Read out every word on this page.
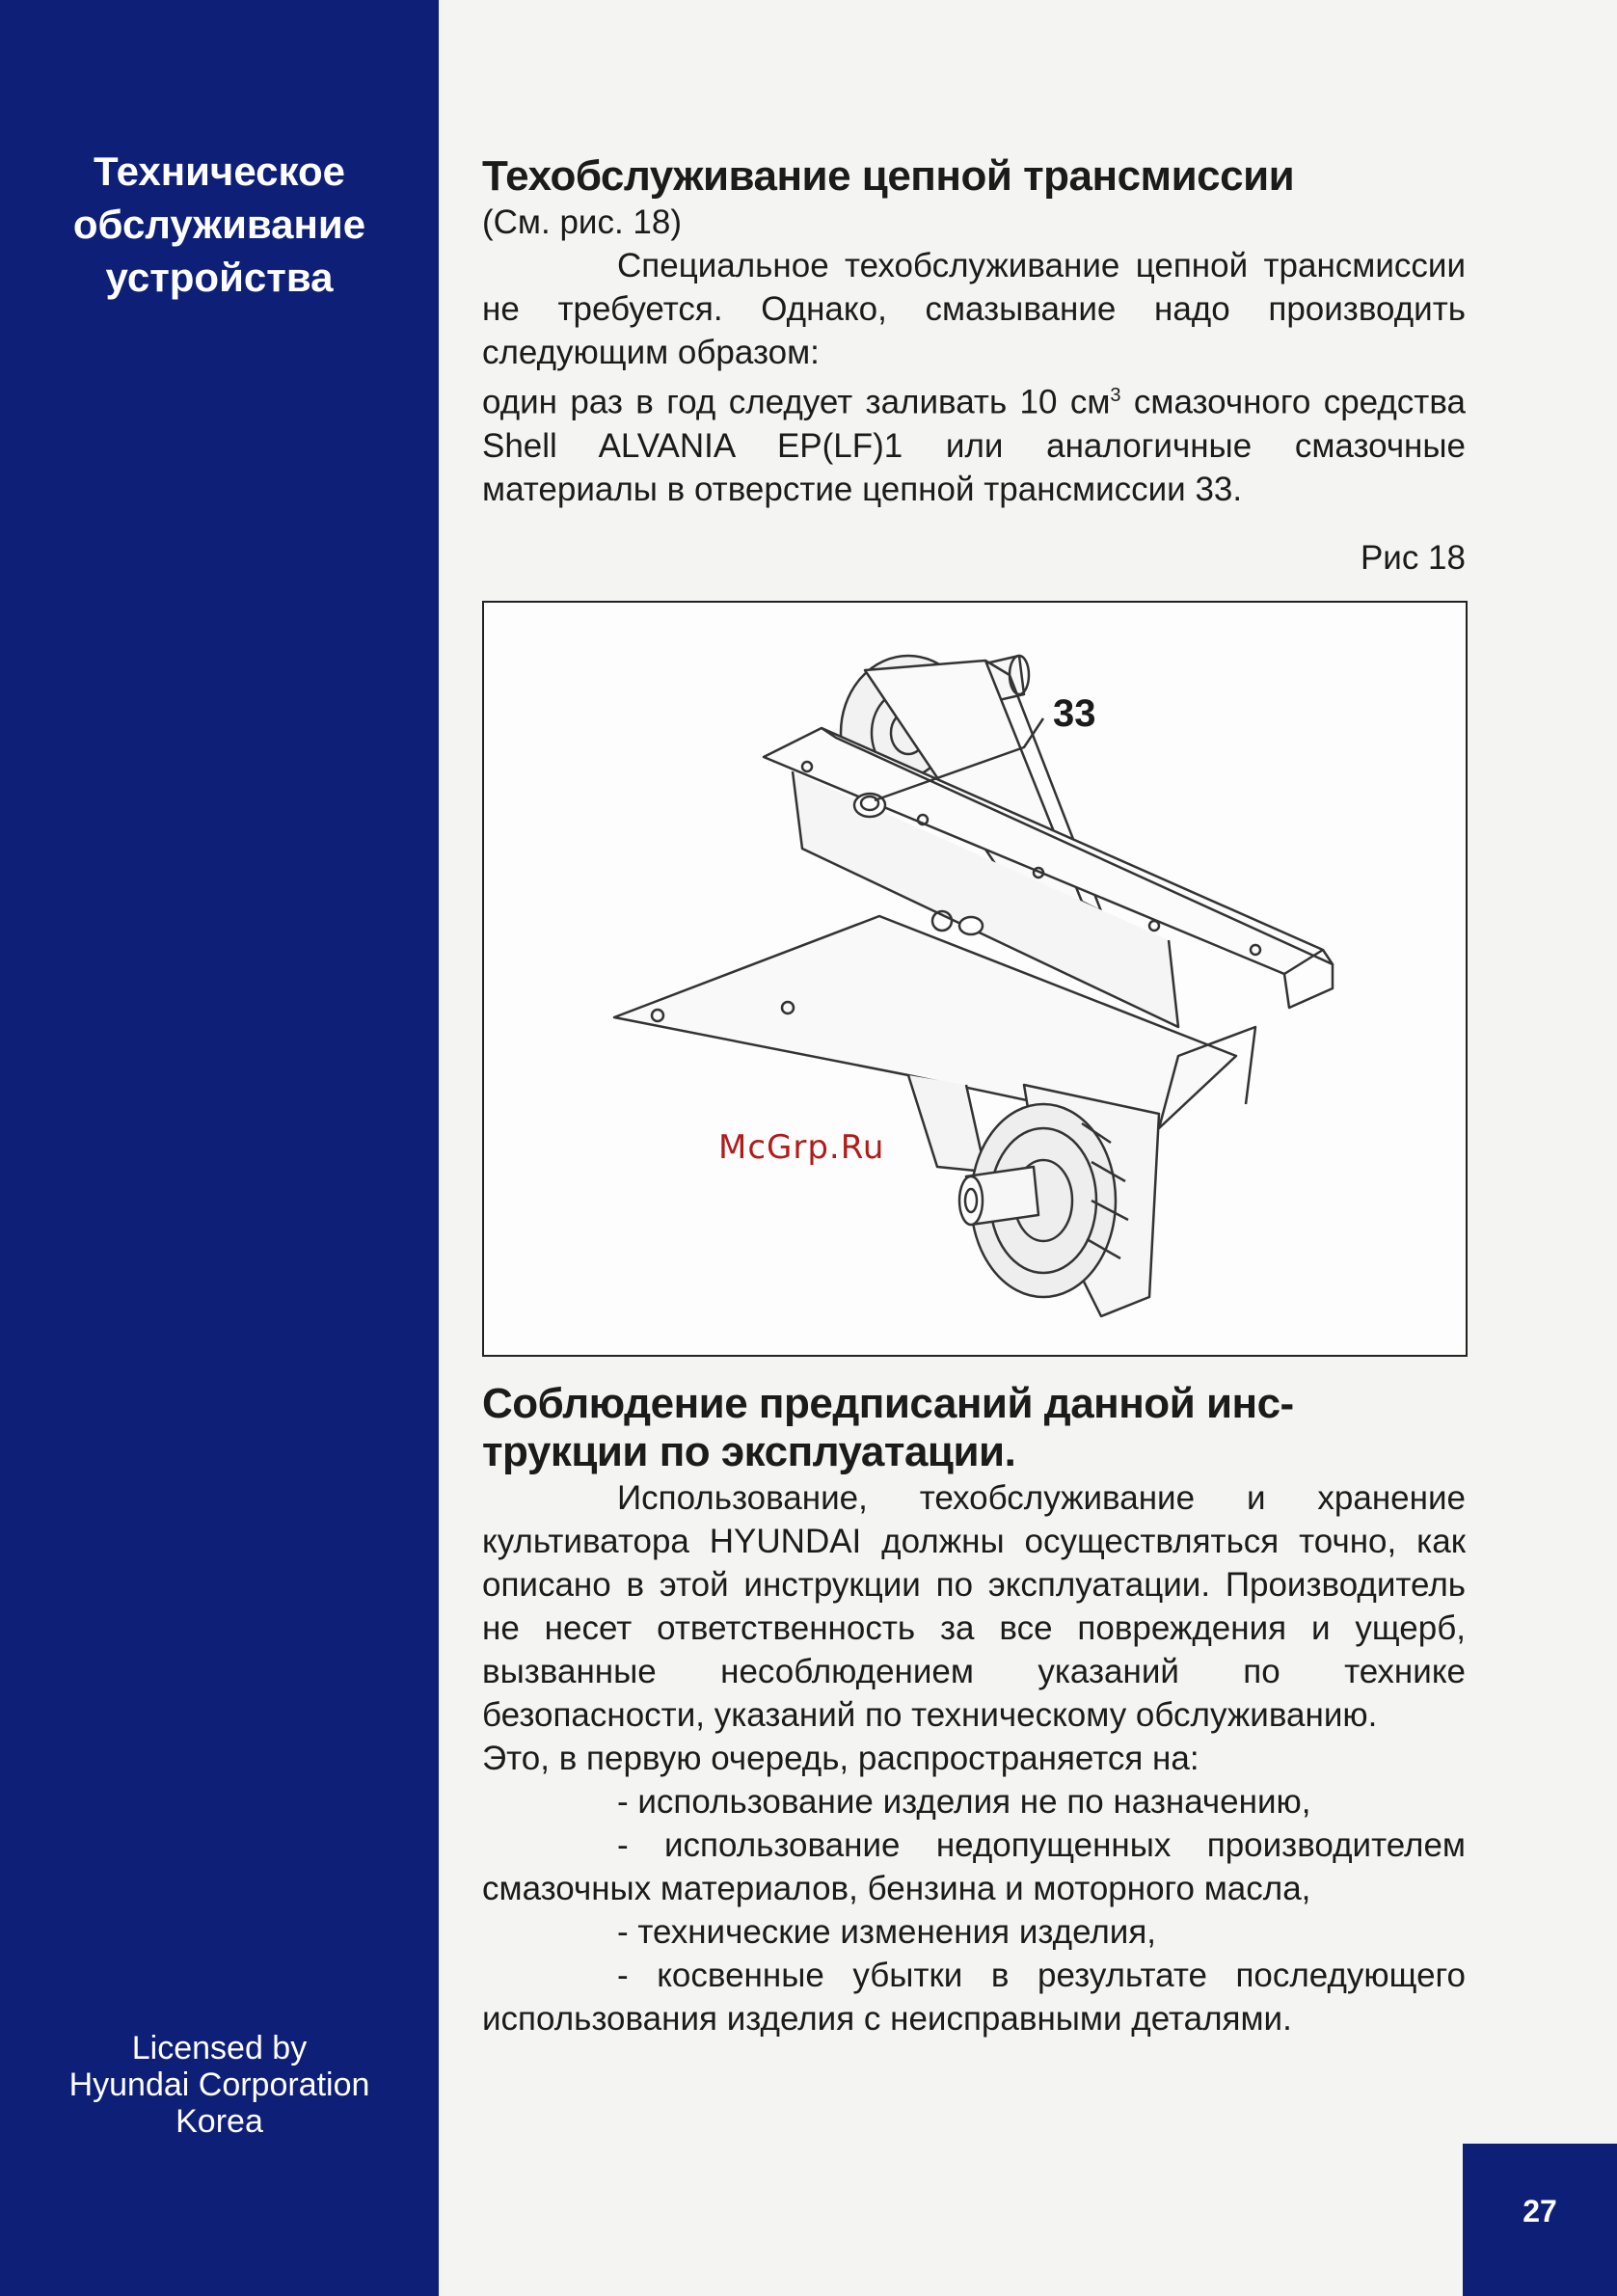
Техническое
обслуживание
устройства
Licensed by
Hyundai Corporation
Korea
Техобслуживание цепной трансмиссии

(См. рис. 18)

Специальное техобслуживание цепной трансмиссии не требуется. Однако, смазывание надо производить следующим образом:

один раз в год следует заливать 10 $см^3$ смазочного средства Shell ALVANIA EP(LF)1 или аналогичные смазочные материалы в отверстие цепной трансмиссии 33.

Рис 18
33
Соблюдение предписаний данной инс-
трукции по эксплуатации.

Использование, техобслуживание и хранение культиватора HYUNDAI должны осуществляться точно, как описано в этой инструкции по эксплуатации. Производитель не несет ответственность за все повреждения и ущерб, вызванные несоблюдением указаний по технике безопасности, указаний по техническому обслуживанию.

Это, в первую очередь, распространяется на:

- использование изделия не по назначению,

- использование недопущенных производителем смазочных материалов, бензина и моторного масла,

- технические изменения изделия,

- косвенные убытки в результате последующего использования изделия с неисправными деталями.

McGrp.Ru
27
